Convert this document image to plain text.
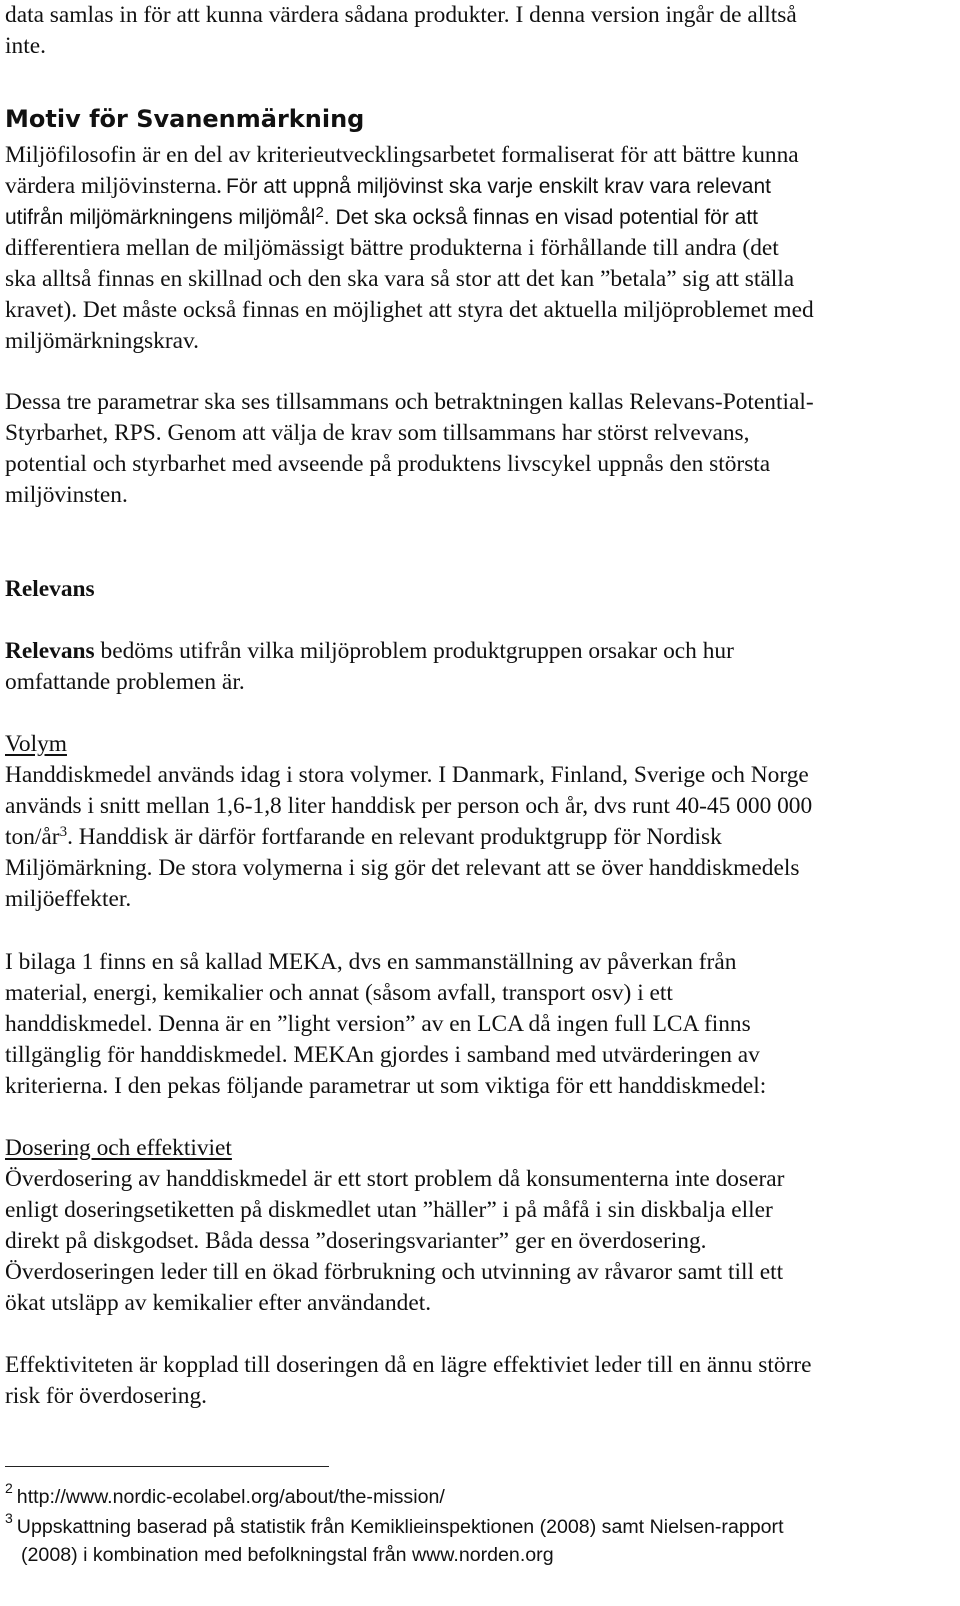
data samlas in för att kunna värdera sådana produkter. I denna version ingår de alltså
inte.
Motiv för Svanenmärkning
Miljöfilosofin är en del av kriterieutvecklingsarbetet formaliserat för att bättre kunna
värdera miljövinsterna. För att uppnå miljövinst ska varje enskilt krav vara relevant
utifrån miljömärkningens miljömål$^2$. Det ska också finnas en visad potential för att
differentiera mellan de miljömässigt bättre produkterna i förhållande till andra (det
ska alltså finnas en skillnad och den ska vara så stor att det kan ”betala” sig att ställa
kravet). Det måste också finnas en möjlighet att styra det aktuella miljöproblemet med
miljömärkningskrav.
Dessa tre parametrar ska ses tillsammans och betraktningen kallas Relevans-Potential-
Styrbarhet, RPS. Genom att välja de krav som tillsammans har störst relvevans,
potential och styrbarhet med avseende på produktens livscykel uppnås den största
miljövinsten.
Relevans
Relevans bedöms utifrån vilka miljöproblem produktgruppen orsakar och hur
omfattande problemen är.
Volym
Handdiskmedel används idag i stora volymer. I Danmark, Finland, Sverige och Norge
används i snitt mellan 1,6-1,8 liter handdisk per person och år, dvs runt 40-45 000 000
ton/$år^3$. Handdisk är därför fortfarande en relevant produktgrupp för Nordisk
Miljömärkning. De stora volymerna i sig gör det relevant att se över handdiskmedels
miljöeffekter.
I bilaga 1 finns en så kallad MEKA, dvs en sammanställning av påverkan från
material, energi, kemikalier och annat (såsom avfall, transport osv) i ett
handdiskmedel. Denna är en ”light version” av en LCA då ingen full LCA finns
tillgänglig för handdiskmedel. MEKAn gjordes i samband med utvärderingen av
kriterierna. I den pekas följande parametrar ut som viktiga för ett handdiskmedel:
Dosering och effektiviet
Överdosering av handdiskmedel är ett stort problem då konsumenterna inte doserar
enligt doseringsetiketten på diskmedlet utan ”häller” i på måfå i sin diskbalja eller
direkt på diskgodset. Båda dessa ”doseringsvarianter” ger en överdosering.
Överdoseringen leder till en ökad förbrukning och utvinning av råvaror samt till ett
ökat utsläpp av kemikalier efter användandet.
Effektiviteten är kopplad till doseringen då en lägre effektiviet leder till en ännu större
risk för överdosering.
$^2$ http://www.nordic-ecolabel.org/about/the-mission/
$^3$ Uppskattning baserad på statistik från Kemiklieinspektionen (2008) samt Nielsen-rapport
(2008) i kombination med befolkningstal från www.norden.org
